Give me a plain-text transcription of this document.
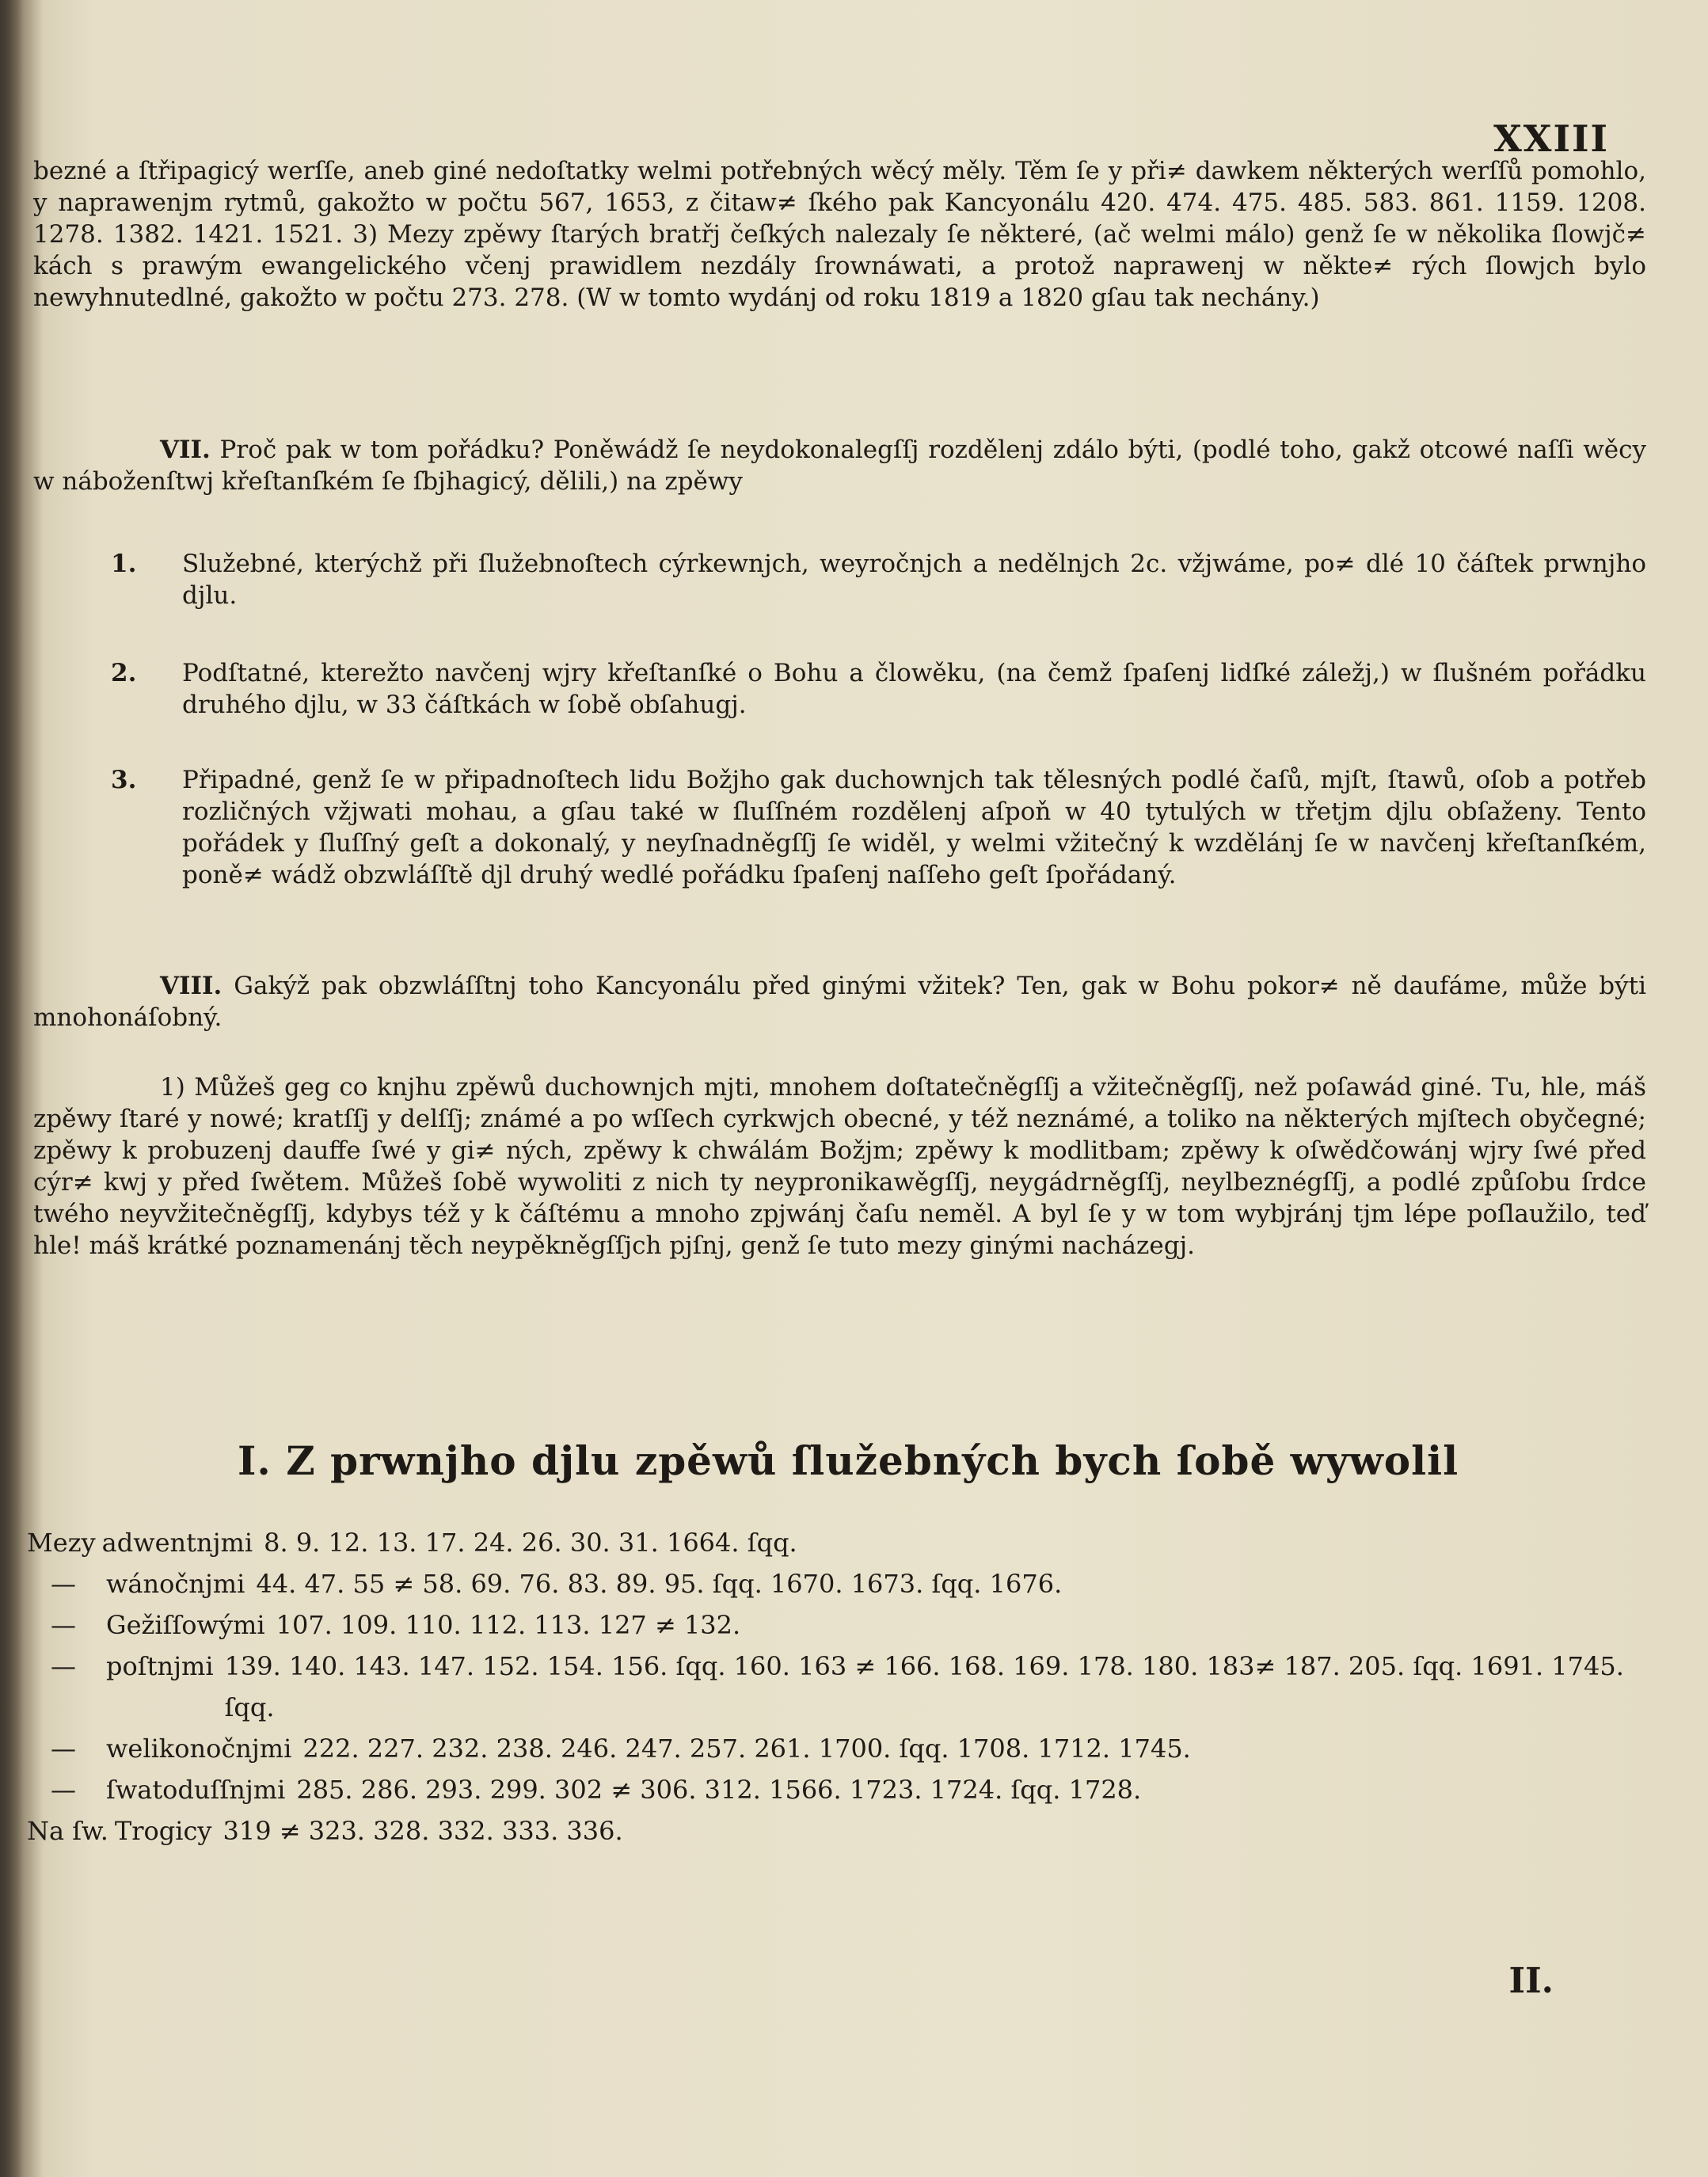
XXIII

bezné a ſtřipagicý werſſe, aneb giné nedoſtatky welmi potřebných wěcý měly. Těm ſe y při≠ dawkem některých werſſů pomohlo, y naprawenjm rytmů, gakožto w počtu 567, 1653, z čitaw≠ ſkého pak Kancyonálu 420. 474. 475. 485. 583. 861. 1159. 1208. 1278. 1382. 1421. 1521. 3) Mezy zpěwy ſtarých bratřj čeſkých nalezaly ſe některé, (ač welmi málo) genž ſe w několika ſlowjč≠ kách s prawým ewangelického včenj prawidlem nezdály ſrownáwati, a protož naprawenj w někte≠ rých ſlowjch bylo newyhnutedlné, gakožto w počtu 273. 278. (W w tomto wydánj od roku 1819 a 1820 gſau tak nechány.)

VII. Proč pak w tom pořádku? Poněwádž ſe neydokonalegſſj rozdělenj zdálo býti, (podlé toho, gakž otcowé naſſi wěcy w náboženſtwj křeſtanſkém ſe ſbjhagicý, dělili,) na zpěwy

1.	Služebné, kterýchž při ſlužebnoſtech cýrkewnjch, weyročnjch a nedělnjch 2c. vžjwáme, po≠ dlé 10 čáſtek prwnjho djlu.
2.	Podſtatné, kterežto navčenj wjry křeſtanſké o Bohu a člowěku, (na čemž ſpaſenj lidſké záležj,) w ſlušném pořádku druhého djlu, w 33 čáſtkách w ſobě obſahugj.
3.	Připadné, genž ſe w připadnoſtech lidu Božjho gak duchownjch tak tělesných podlé čaſů, mjſt, ſtawů, oſob a potřeb rozličných vžjwati mohau, a gſau také w ſluſſném rozdělenj aſpoň w 40 tytulých w třetjm djlu obſaženy. Tento pořádek y ſluſſný geſt a dokonalý, y neyſnadněgſſj ſe widěl, y welmi vžitečný k wzdělánj ſe w navčenj křeſtanſkém, poně≠ wádž obzwláſſtě djl druhý wedlé pořádku ſpaſenj naſſeho geſt ſpořádaný.

VIII. Gakýž pak obzwláſſtnj toho Kancyonálu před ginými vžitek? Ten, gak w Bohu pokor≠ ně daufáme, může býti mnohonáſobný.

1) Můžeš geg co knjhu zpěwů duchownjch mjti, mnohem doſtatečněgſſj a vžitečněgſſj, než poſawád giné. Tu, hle, máš zpěwy ſtaré y nowé; kratſſj y delſſj; známé a po wſſech cyrkwjch obecné, y též neznámé, a toliko na některých mjſtech obyčegné; zpěwy k probuzenj dauffe ſwé y gi≠ ných, zpěwy k chwálám Božjm; zpěwy k modlitbam; zpěwy k oſwědčowánj wjry ſwé před cýr≠ kwj y před ſwětem. Můžeš ſobě wywoliti z nich ty neypronikawěgſſj, neygádrněgſſj, neylbeznégſſj, a podlé způſobu ſrdce twého neyvžitečněgſſj, kdybys též y k čáſtému a mnoho zpjwánj čaſu neměl. A byl ſe y w tom wybjránj tjm lépe poſlaužilo, teď hle! máš krátké poznamenánj těch neypěkněgſſjch pjſnj, genž ſe tuto mezy ginými nacházegj.

I. Z prwnjho djlu zpěwů ſlužebných bych ſobě wywolil
Mezy adwentnjmi 8. 9. 12. 13. 17. 24. 26. 30. 31. 1664. ſqq.
—	wánočnjmi 44. 47. 55 ≠ 58. 69. 76. 83. 89. 95. ſqq. 1670. 1673. ſqq. 1676.
—	Gežiſſowými 107. 109. 110. 112. 113. 127 ≠ 132.
—	poſtnjmi 139. 140. 143. 147. 152. 154. 156. ſqq. 160. 163 ≠ 166. 168. 169. 178. 180. 183≠ 187. 205. ſqq. 1691. 1745. ſqq.
—	welikonočnjmi 222. 227. 232. 238. 246. 247. 257. 261. 1700. ſqq. 1708. 1712. 1745.
—	ſwatoduſſnjmi 285. 286. 293. 299. 302 ≠ 306. 312. 1566. 1723. 1724. ſqq. 1728.
Na ſw. Trogicy 319 ≠ 323. 328. 332. 333. 336.
II.
